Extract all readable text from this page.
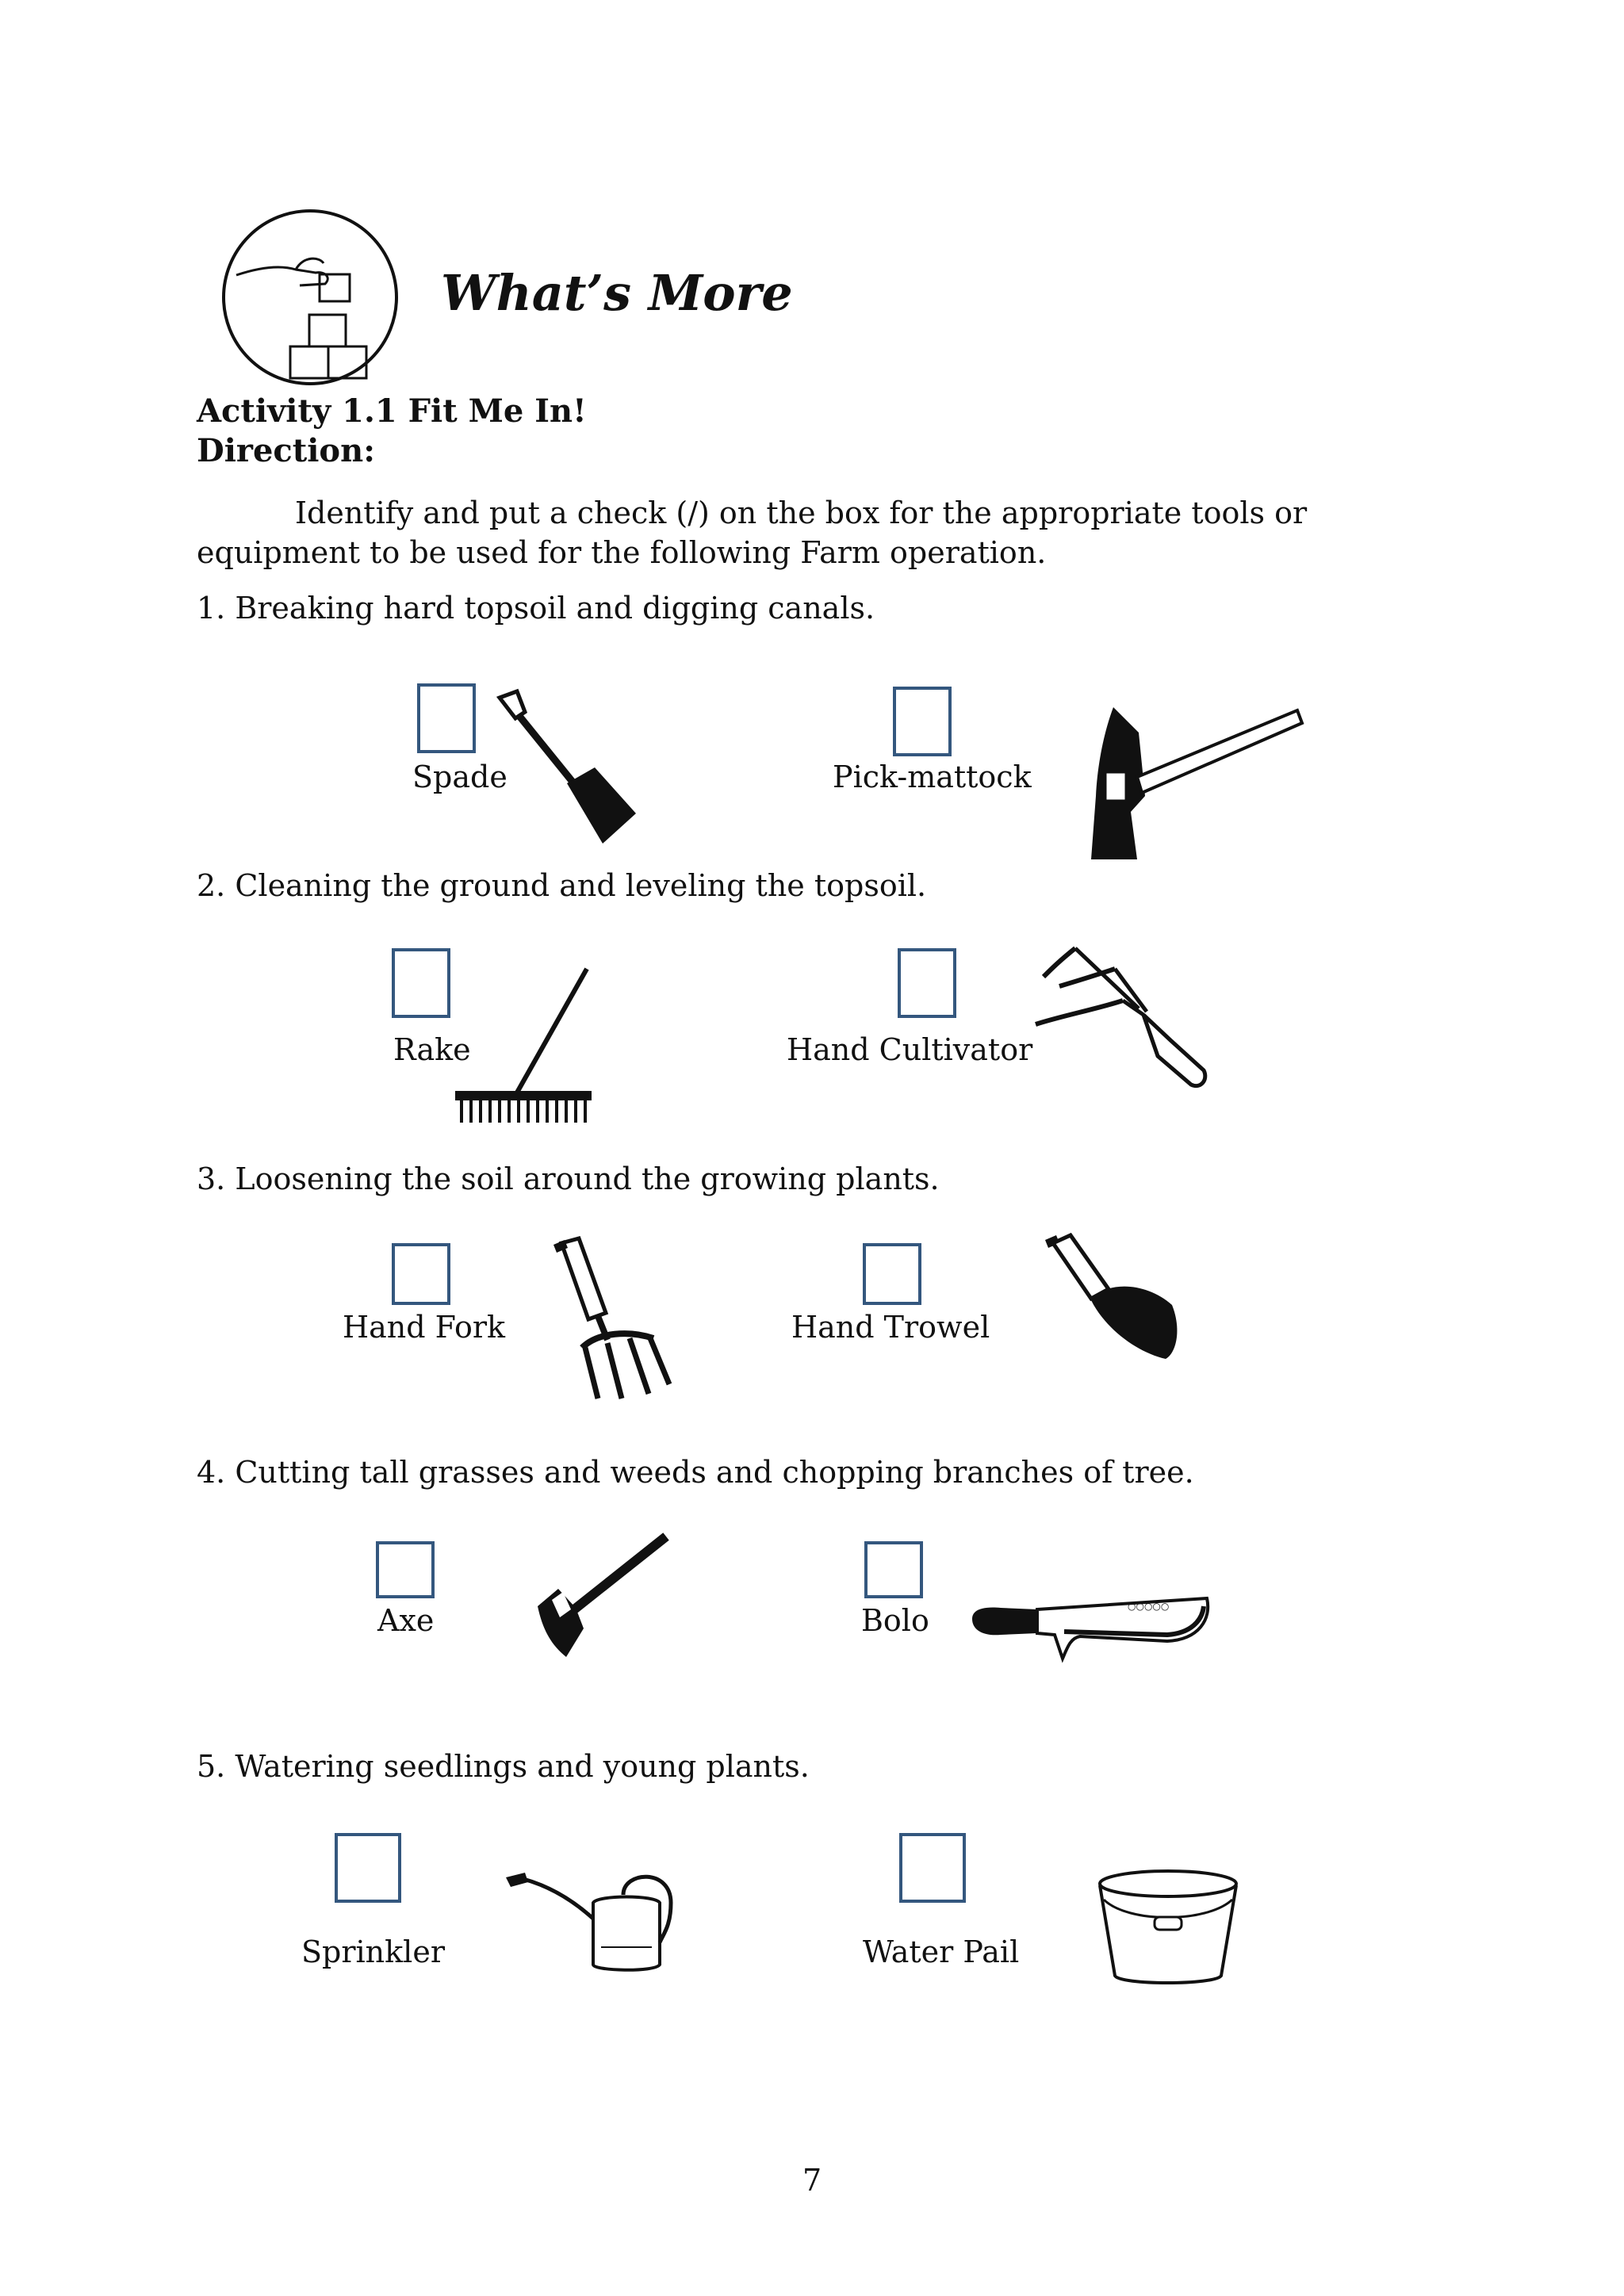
What’s More
Activity 1.1 Fit Me In!
Direction:
Identify and put a check (/) on the box for the appropriate tools or equipment to be used for the following Farm operation.
1. Breaking hard topsoil and digging canals.
Spade	Pick-mattock
2. Cleaning the ground and leveling the topsoil.
Rake	Hand Cultivator
3. Loosening the soil around the growing plants.
Hand Fork	Hand Trowel
4. Cutting tall grasses and weeds and chopping branches of tree.
Axe	Bolo	○○○○○
5. Watering seedlings and young plants.
Sprinkler	Water Pail
7
